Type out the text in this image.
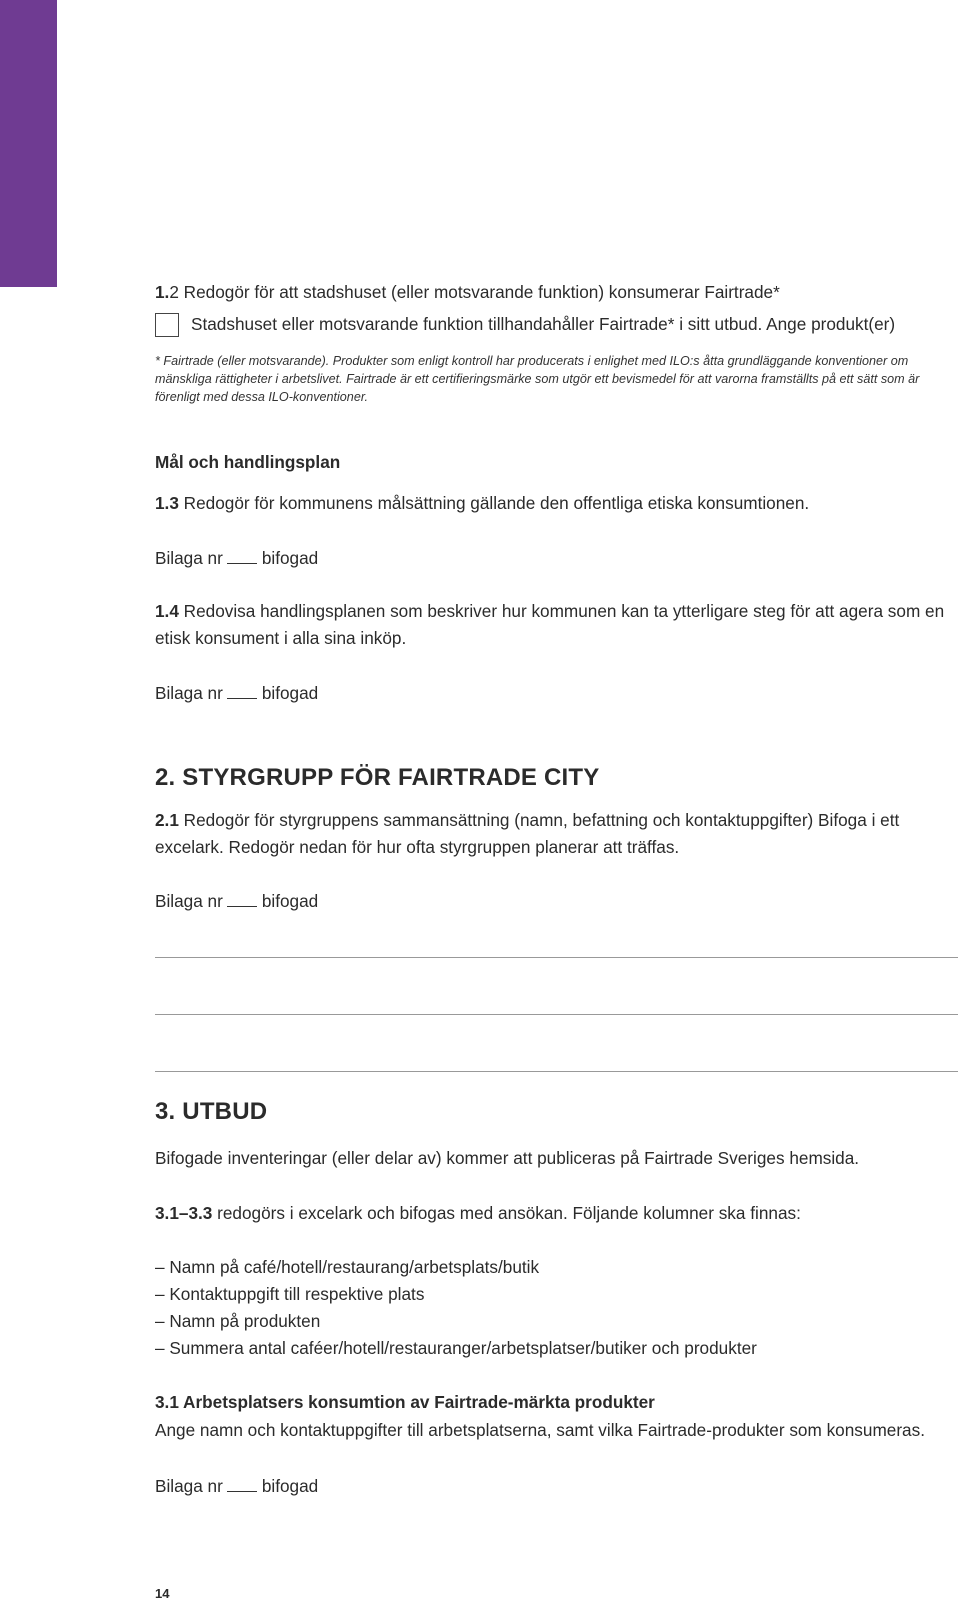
1.2 Redogör för att stadshuset (eller motsvarande funktion) konsumerar Fairtrade*
Stadshuset eller motsvarande funktion tillhandahåller Fairtrade* i sitt utbud. Ange produkt(er)
* Fairtrade (eller motsvarande). Produkter som enligt kontroll har producerats i enlighet med ILO:s åtta grundläggande konventioner om mänskliga rättigheter i arbetslivet. Fairtrade är ett certifieringsmärke som utgör ett bevismedel för att varorna framställts på ett sätt som är förenligt med dessa ILO-konventioner.
Mål och handlingsplan
1.3 Redogör för kommunens målsättning gällande den offentliga etiska konsumtionen.
Bilaga nr bifogad
1.4 Redovisa handlingsplanen som beskriver hur kommunen kan ta ytterligare steg för att agera som en etisk konsument i alla sina inköp.
Bilaga nr bifogad
2. STYRGRUPP FÖR FAIRTRADE CITY
2.1 Redogör för styrgruppens sammansättning (namn, befattning och kontaktuppgifter) Bifoga i ett excelark. Redogör nedan för hur ofta styrgruppen planerar att träffas.
Bilaga nr bifogad
3. UTBUD
Bifogade inventeringar (eller delar av) kommer att publiceras på Fairtrade Sveriges hemsida.
3.1–3.3 redogörs i excelark och bifogas med ansökan. Följande kolumner ska finnas:
– Namn på café/hotell/restaurang/arbetsplats/butik
– Kontaktuppgift till respektive plats
– Namn på produkten
– Summera antal caféer/hotell/restauranger/arbetsplatser/butiker och produkter
3.1 Arbetsplatsers konsumtion av Fairtrade-märkta produkter
Ange namn och kontaktuppgifter till arbetsplatserna, samt vilka Fairtrade-produkter som konsumeras.
Bilaga nr bifogad
14
